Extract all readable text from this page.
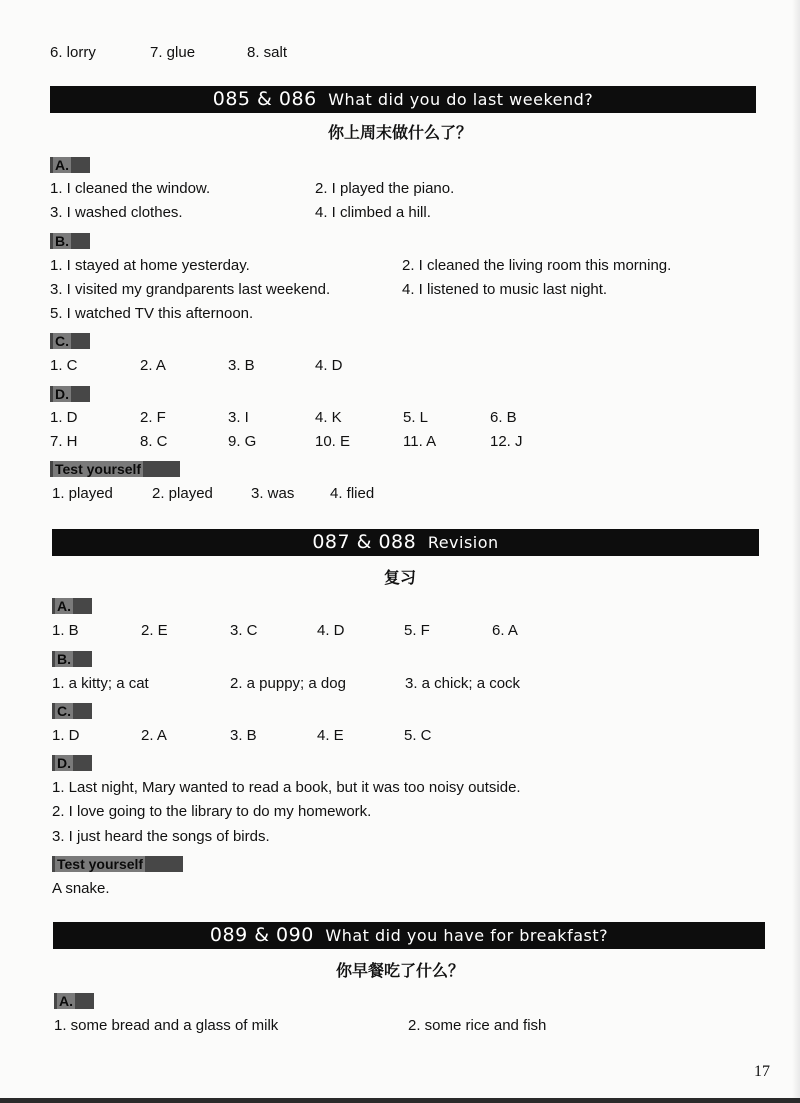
6. lorry	7. glue	8. salt
085 & 086 What did you do last weekend?
你上周末做什么了？
A.
1. I cleaned the window.	2. I played the piano.
3. I washed clothes.	4. I climbed a hill.
B.
1. I stayed at home yesterday.	2. I cleaned the living room this morning.
3. I visited my grandparents last weekend.	4. I listened to music last night.
5. I watched TV this afternoon.
C.
1. C	2. A	3. B	4. D
D.
1. D	2. F	3. I	4. K	5. L	6. B
7. H	8. C	9. G	10. E	11. A	12. J
Test yourself
1. played	2. played	3. was 4. flied
087 & 088 Revision
复习
A.
1. B	2. E	3. C	4. D	5. F	6. A
B.
1. a kitty; a cat	2. a puppy; a dog	3. a chick; a cock
C.
1. D	2. A	3. B	4. E	5. C
D.
1. Last night, Mary wanted to read a book, but it was too noisy outside.
2. I love going to the library to do my homework.
3. I just heard the songs of birds.
Test yourself
A snake.
089 & 090 What did you have for breakfast?
你早餐吃了什么？
A.
1. some bread and a glass of milk	2. some rice and fish
17
